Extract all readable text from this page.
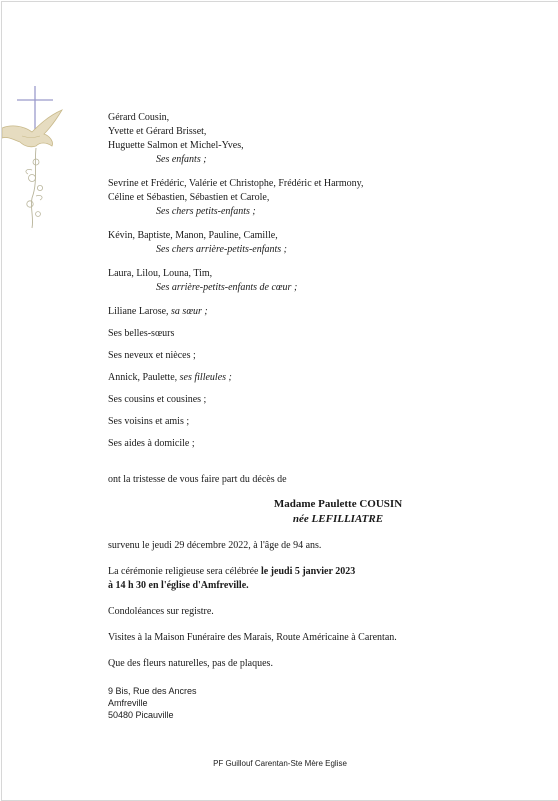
Gérard Cousin,
Yvette et Gérard Brisset,
Huguette Salmon et Michel-Yves,
Ses enfants ;
Sevrine et Frédéric, Valérie et Christophe, Frédéric et Harmony,
Céline et Sébastien, Sébastien et Carole,
Ses chers petits-enfants ;
Kévin, Baptiste, Manon, Pauline, Camille,
Ses chers arrière-petits-enfants ;
Laura, Lilou, Louna, Tim,
Ses arrière-petits-enfants de cœur ;
Liliane Larose, sa sœur ;
Ses belles-sœurs
Ses neveux et nièces ;
Annick, Paulette, ses filleules ;
Ses cousins et cousines ;
Ses voisins et amis ;
Ses aides à domicile ;
ont la tristesse de vous faire part du décès de
Madame Paulette COUSIN
née LEFILLIATRE
survenu le jeudi 29 décembre 2022, à l'âge de 94 ans.
La cérémonie religieuse sera célébrée le jeudi 5 janvier 2023
à 14 h 30 en l'église d'Amfreville.
Condoléances sur registre.
Visites à la Maison Funéraire des Marais, Route Américaine à Carentan.
Que des fleurs naturelles, pas de plaques.
9 Bis, Rue des Ancres
Amfreville
50480 Picauville
PF Guillouf Carentan-Ste Mère Eglise
